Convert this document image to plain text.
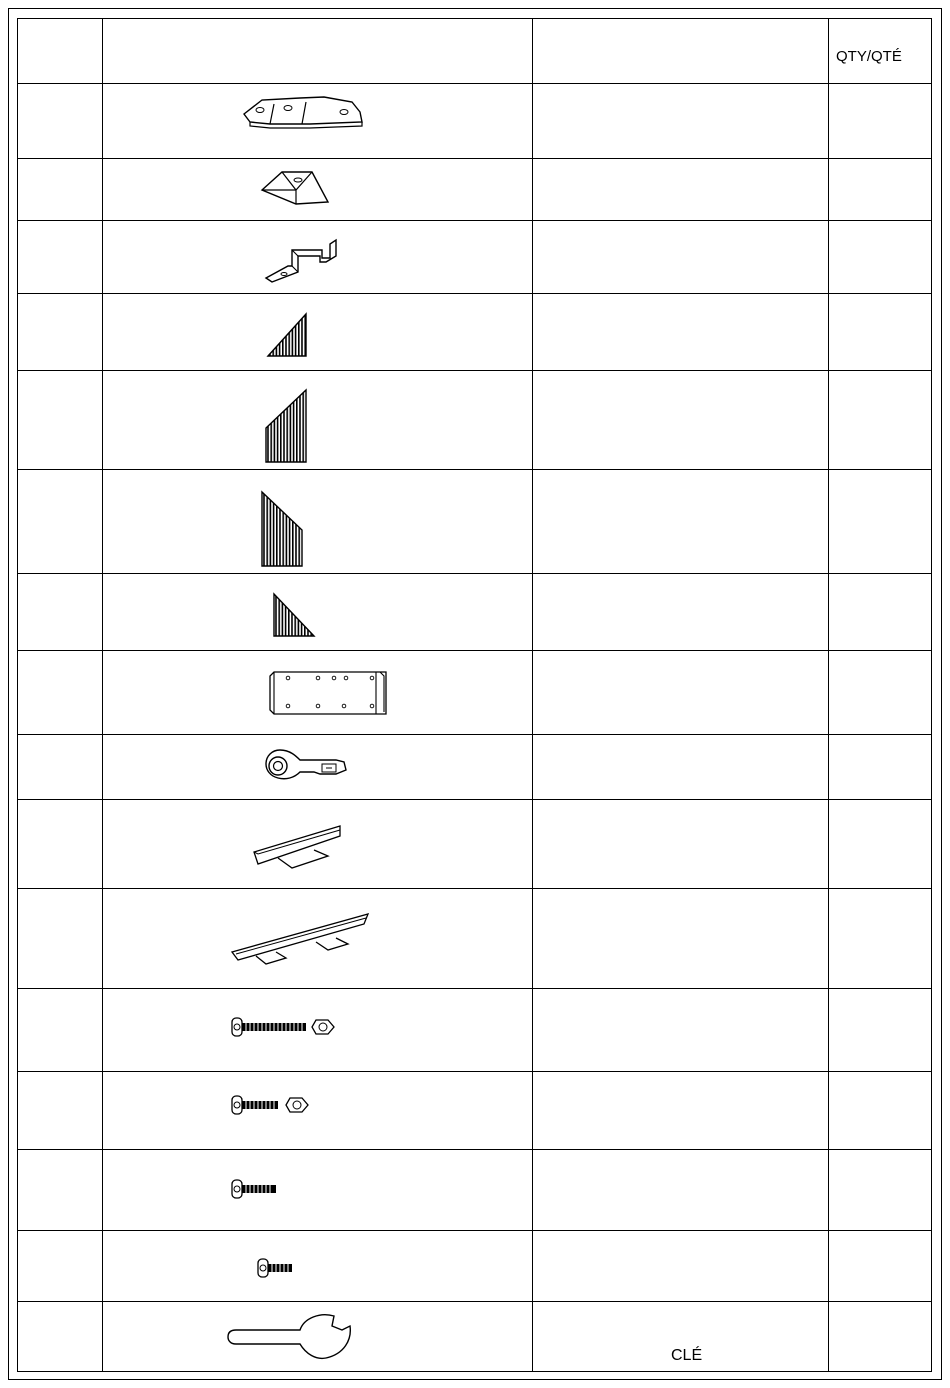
QTY/QTÉ
CLÉ
